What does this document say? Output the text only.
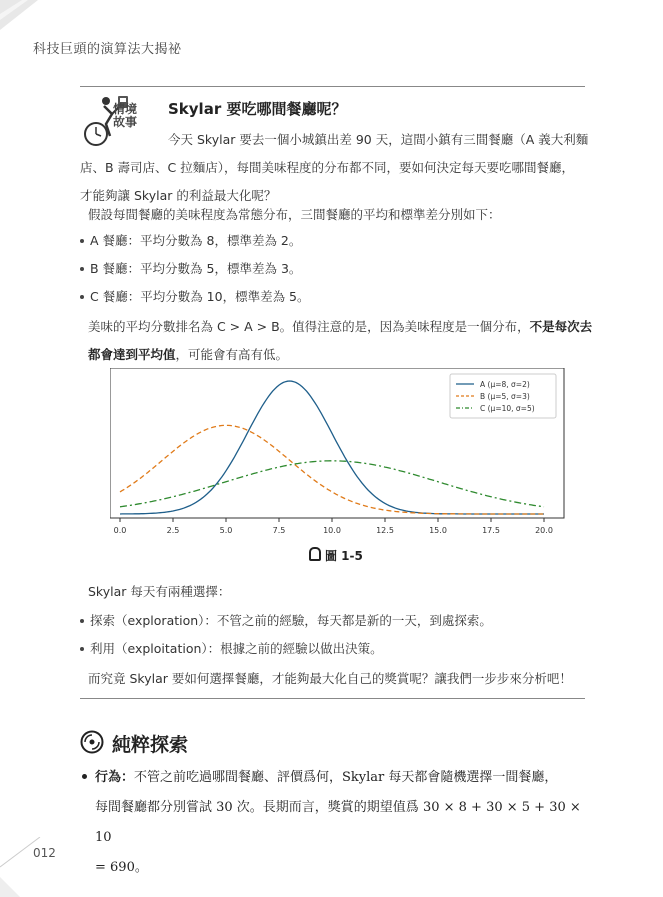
科技巨頭的演算法大揭祕
情境
故事
Skylar 要吃哪間餐廳呢？
今天 Skylar 要去一個小城鎮出差 90 天，這間小鎮有三間餐廳（A 義大利麵
店、B 壽司店、C 拉麵店），每間美味程度的分布都不同，要如何決定每天要吃哪間餐廳，
才能夠讓 Skylar 的利益最大化呢？
假設每間餐廳的美味程度為常態分布，三間餐廳的平均和標準差分別如下：
A 餐廳：平均分數為 8，標準差為 2。
B 餐廳：平均分數為 5，標準差為 3。
C 餐廳：平均分數為 10，標準差為 5。
美味的平均分數排名為 C > A > B。值得注意的是，因為美味程度是一個分布，不是每次去
都會達到平均值，可能會有高有低。
0.0	2.5	5.0	7.5	10.0	12.5	15.0	17.5	20.0
A (μ=8, σ=2)
B (μ=5, σ=3)
C (μ=10, σ=5)
圖 1-5
Skylar 每天有兩種選擇：
探索（exploration）：不管之前的經驗，每天都是新的一天，到處探索。
利用（exploitation）：根據之前的經驗以做出決策。
而究竟 Skylar 要如何選擇餐廳，才能夠最大化自己的獎賞呢？讓我們一步步來分析吧！
純粹探索
行為：不管之前吃過哪間餐廳、評價爲何，Skylar 每天都會隨機選擇一間餐廳，
每間餐廳都分別嘗試 30 次。長期而言，獎賞的期望值爲 30 × 8 + 30 × 5 + 30 × 10
= 690。
012
